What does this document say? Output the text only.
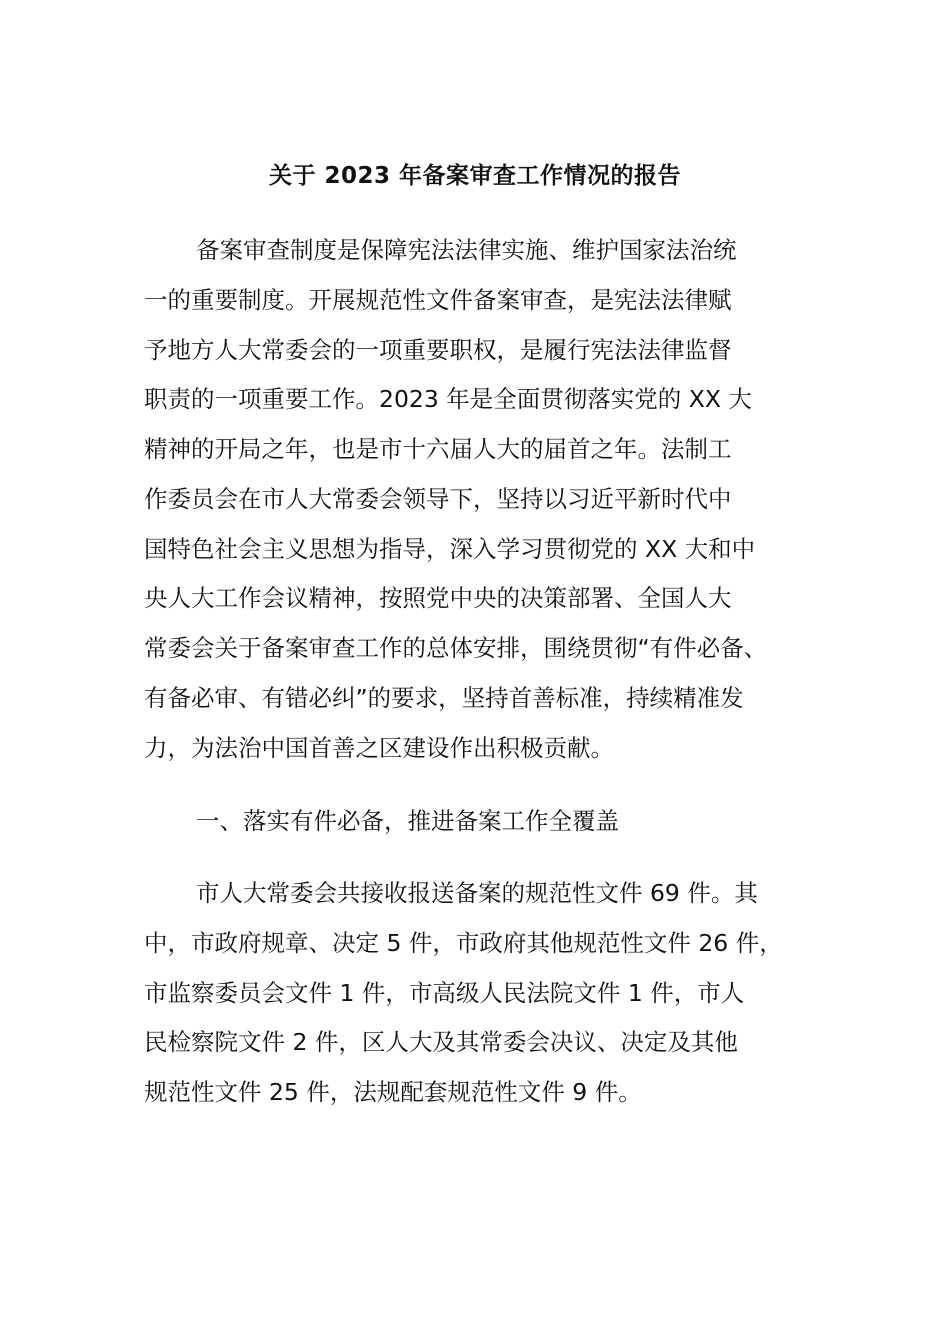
关于 2023 年备案审查工作情况的报告
备案审查制度是保障宪法法律实施、维护国家法治统
一的重要制度。开展规范性文件备案审查，是宪法法律赋
予地方人大常委会的一项重要职权，是履行宪法法律监督
职责的一项重要工作。2023 年是全面贯彻落实党的 XX 大
精神的开局之年，也是市十六届人大的届首之年。法制工
作委员会在市人大常委会领导下，坚持以习近平新时代中
国特色社会主义思想为指导，深入学习贯彻党的 XX 大和中
央人大工作会议精神，按照党中央的决策部署、全国人大
常委会关于备案审查工作的总体安排，围绕贯彻“有件必备、
有备必审、有错必纠”的要求，坚持首善标准，持续精准发
力，为法治中国首善之区建设作出积极贡献。
一、落实有件必备，推进备案工作全覆盖
市人大常委会共接收报送备案的规范性文件 69 件。其
中，市政府规章、决定 5 件，市政府其他规范性文件 26 件，
市监察委员会文件 1 件，市高级人民法院文件 1 件，市人
民检察院文件 2 件，区人大及其常委会决议、决定及其他
规范性文件 25 件，法规配套规范性文件 9 件。
